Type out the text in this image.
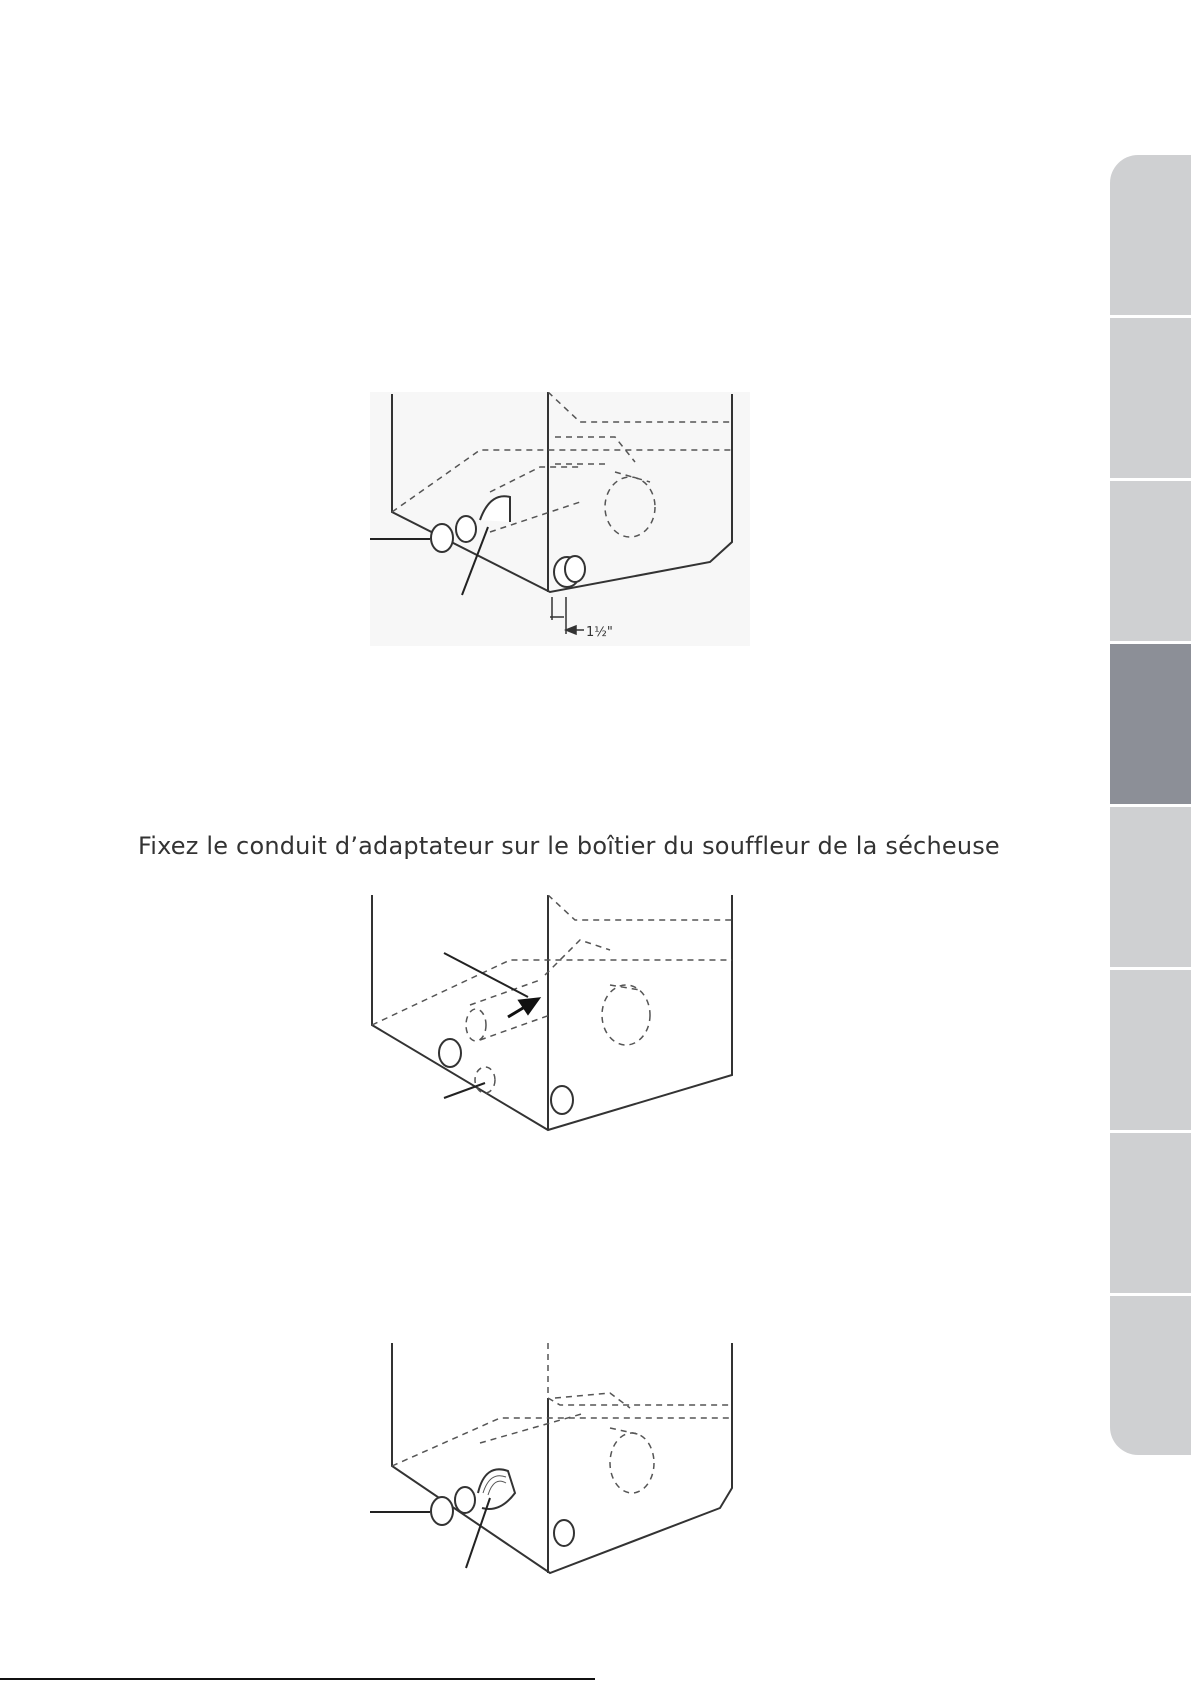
1½"
Fixez le conduit d’adaptateur sur le boîtier du souffleur de la sécheuse
